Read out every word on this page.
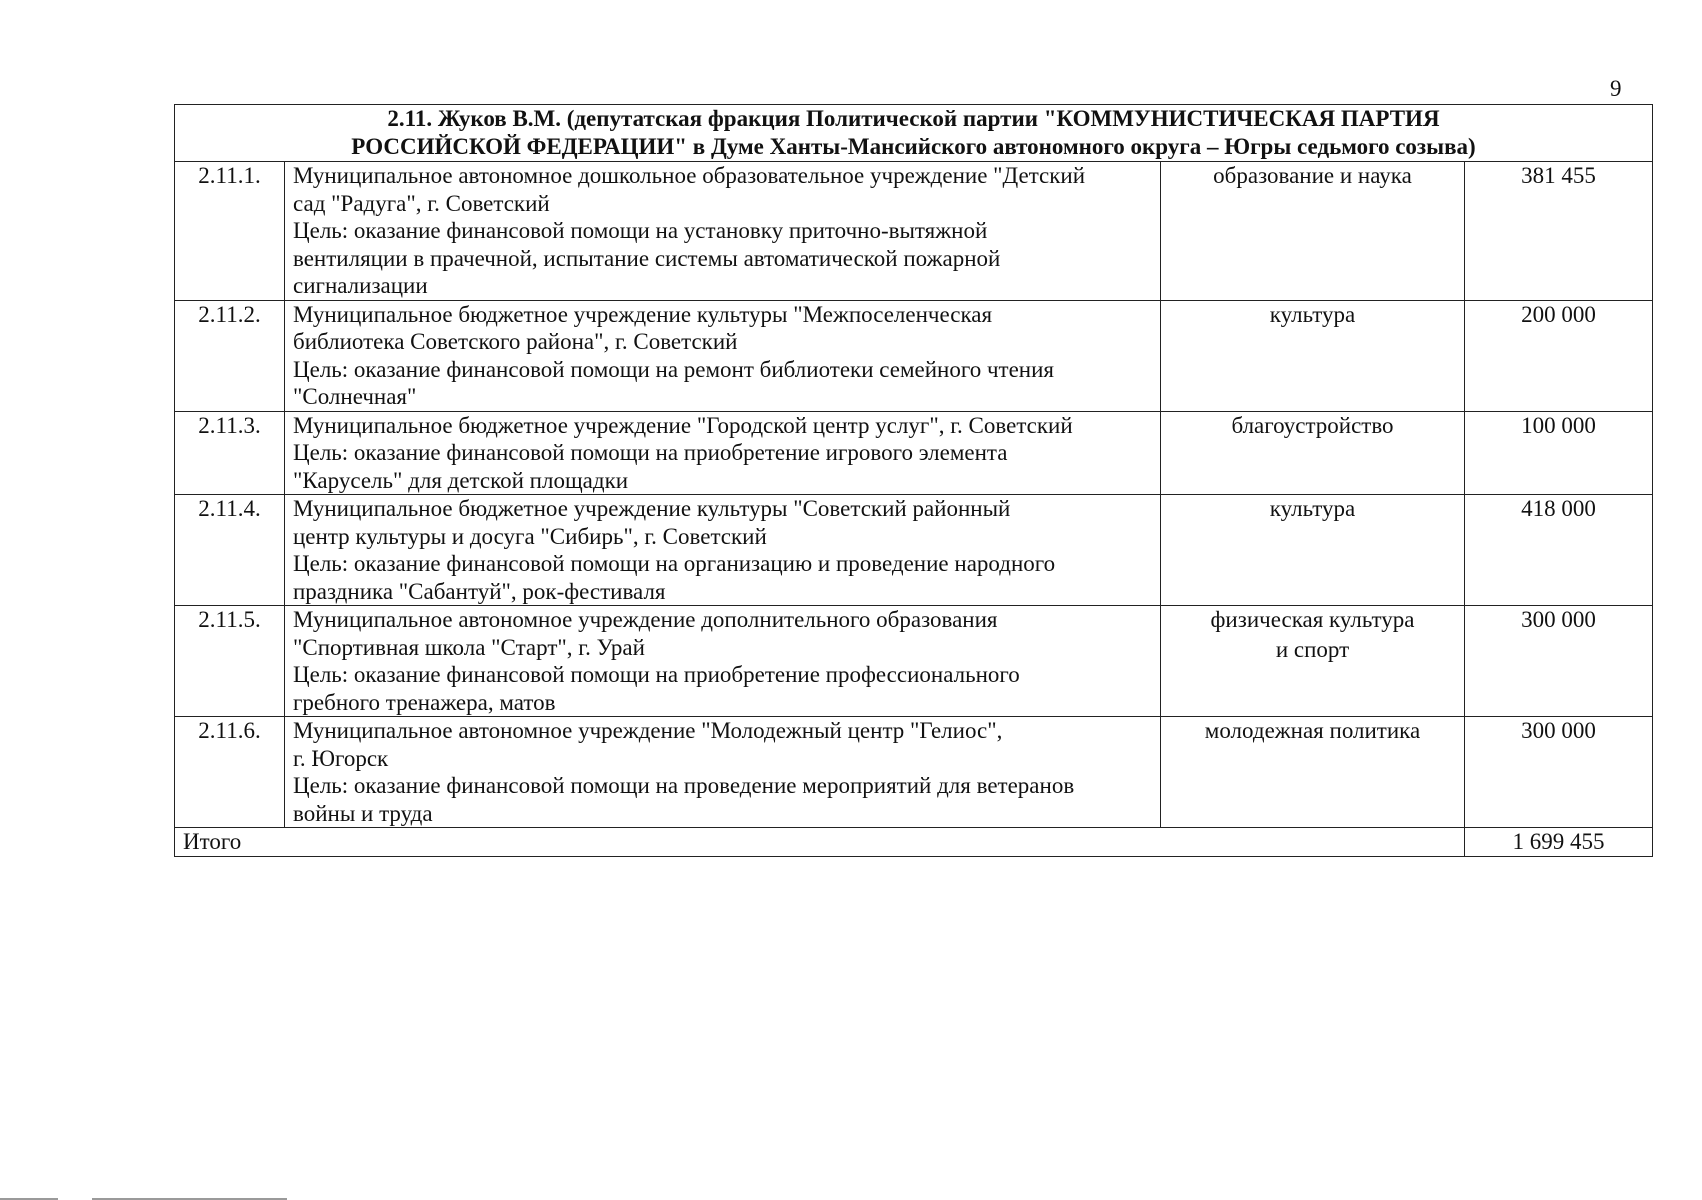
9
2.11. Жуков В.М. (депутатская фракция Политической партии "КОММУНИСТИЧЕСКАЯ ПАРТИЯ
РОССИЙСКОЙ ФЕДЕРАЦИИ" в Думе Ханты-Мансийского автономного округа – Югры седьмого созыва)			

2.11.1.	Муниципальное автономное дошкольное образовательное учреждение "Детский
сад "Радуга", г. Советский
Цель: оказание финансовой помощи на установку приточно-вытяжной
вентиляции в прачечной, испытание системы автоматической пожарной
сигнализации	образование и наука	381 455
2.11.2.	Муниципальное бюджетное учреждение культуры "Межпоселенческая
библиотека Советского района", г. Советский
Цель: оказание финансовой помощи на ремонт библиотеки семейного чтения
"Солнечная"	культура	200 000
2.11.3.	Муниципальное бюджетное учреждение "Городской центр услуг", г. Советский
Цель: оказание финансовой помощи на приобретение игрового элемента
"Карусель" для детской площадки	благоустройство	100 000
2.11.4.	Муниципальное бюджетное учреждение культуры "Советский районный
центр культуры и досуга "Сибирь", г. Советский
Цель: оказание финансовой помощи на организацию и проведение народного
праздника "Сабантуй", рок-фестиваля	культура	418 000
2.11.5.	Муниципальное автономное учреждение дополнительного образования
"Спортивная школа "Старт", г. Урай
Цель: оказание финансовой помощи на приобретение профессионального
гребного тренажера, матов	физическая культура
и спорт	300 000
2.11.6.	Муниципальное автономное учреждение "Молодежный центр "Гелиос",
г. Югорск
Цель: оказание финансовой помощи на проведение мероприятий для ветеранов
войны и труда	молодежная политика	300 000
Итого			1 699 455
